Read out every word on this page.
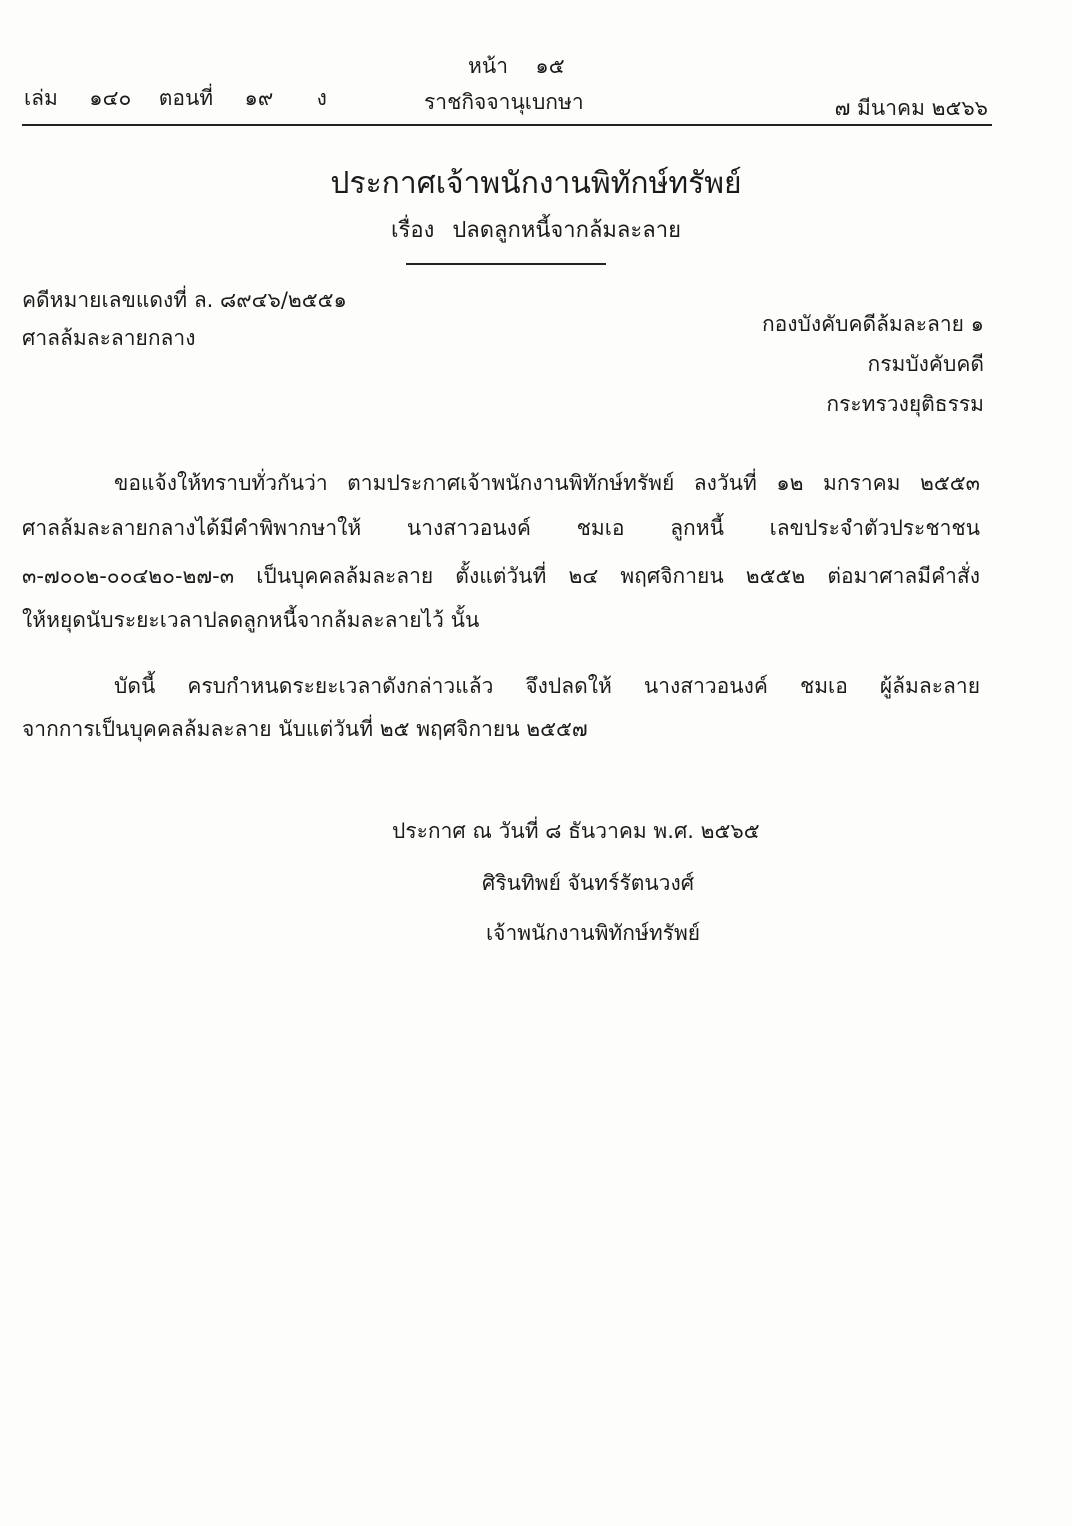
หน้า ๑๕
เล่ม ๑๔๐ ตอนที่ ๑๙ ง	ราชกิจจานุเบกษา	๗ มีนาคม ๒๕๖๖
ประกาศเจ้าพนักงานพิทักษ์ทรัพย์
เรื่อง ปลดลูกหนี้จากล้มละลาย
คดีหมายเลขแดงที่ ล. ๘๙๔๖/๒๕๕๑
ศาลล้มละลายกลาง
กองบังคับคดีล้มละลาย ๑
กรมบังคับคดี
กระทรวงยุติธรรม
ขอแจ้งให้ทราบทั่วกันว่า ตามประกาศเจ้าพนักงานพิทักษ์ทรัพย์ ลงวันที่ ๑๒ มกราคม ๒๕๕๓
ศาลล้มละลายกลางได้มีคำพิพากษาให้ นางสาวอนงค์ ชมเอ ลูกหนี้ เลขประจำตัวประชาชน
๓-๗๐๐๒-๐๐๔๒๐-๒๗-๓ เป็นบุคคลล้มละลาย ตั้งแต่วันที่ ๒๔ พฤศจิกายน ๒๕๕๒ ต่อมาศาลมีคำสั่ง
ให้หยุดนับระยะเวลาปลดลูกหนี้จากล้มละลายไว้ นั้น
บัดนี้ ครบกำหนดระยะเวลาดังกล่าวแล้ว จึงปลดให้ นางสาวอนงค์ ชมเอ ผู้ล้มละลาย
จากการเป็นบุคคลล้มละลาย นับแต่วันที่ ๒๕ พฤศจิกายน ๒๕๕๗
ประกาศ ณ วันที่ ๘ ธันวาคม พ.ศ. ๒๕๖๕
ศิรินทิพย์ จันทร์รัตนวงศ์
เจ้าพนักงานพิทักษ์ทรัพย์
